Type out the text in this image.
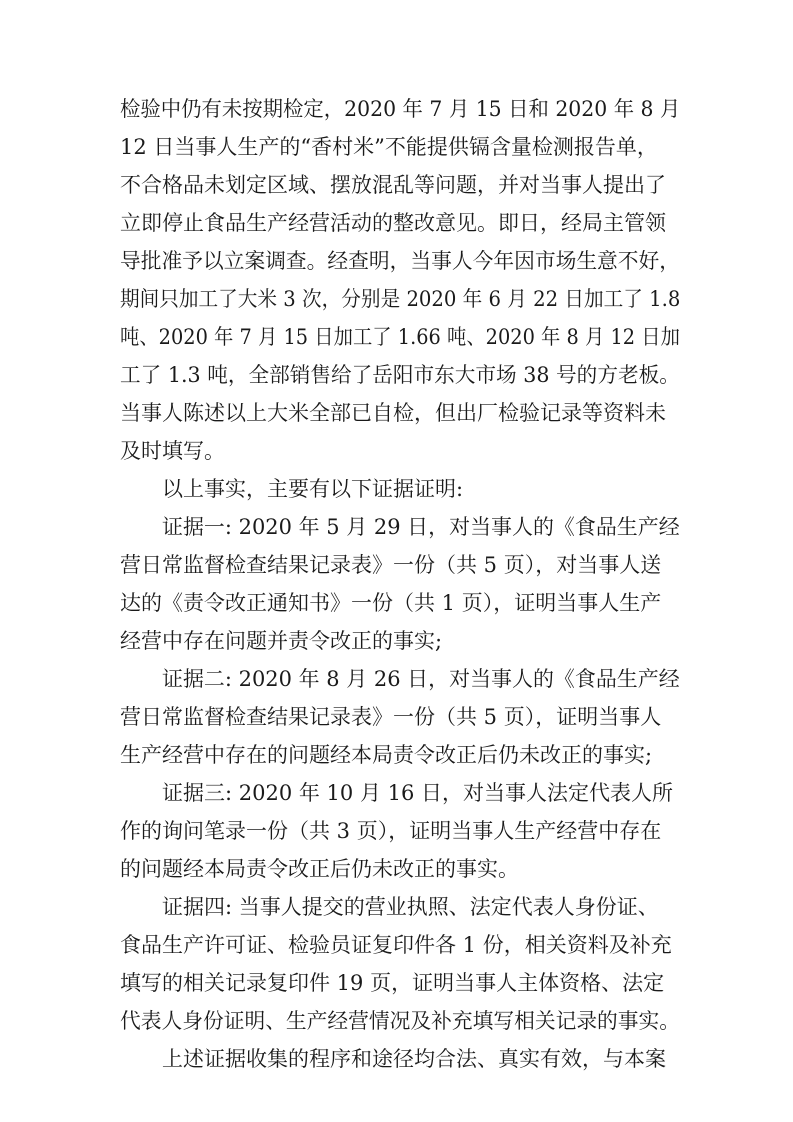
检验中仍有未按期检定，2020 年 7 月 15 日和 2020 年 8 月
12 日当事人生产的“香村米”不能提供镉含量检测报告单，
不合格品未划定区域、摆放混乱等问题，并对当事人提出了
立即停止食品生产经营活动的整改意见。即日，经局主管领
导批准予以立案调查。经查明，当事人今年因市场生意不好，
期间只加工了大米 3 次，分别是 2020 年 6 月 22 日加工了 1.8
吨、2020 年 7 月 15 日加工了 1.66 吨、2020 年 8 月 12 日加
工了 1.3 吨，全部销售给了岳阳市东大市场 38 号的方老板。
当事人陈述以上大米全部已自检，但出厂检验记录等资料未
及时填写。
以上事实，主要有以下证据证明:
证据一: 2020 年 5 月 29 日，对当事人的《食品生产经
营日常监督检查结果记录表》一份（共 5 页），对当事人送
达的《责令改正通知书》一份（共 1 页），证明当事人生产
经营中存在问题并责令改正的事实;
证据二: 2020 年 8 月 26 日，对当事人的《食品生产经
营日常监督检查结果记录表》一份（共 5 页），证明当事人
生产经营中存在的问题经本局责令改正后仍未改正的事实;
证据三: 2020 年 10 月 16 日，对当事人法定代表人所
作的询问笔录一份（共 3 页），证明当事人生产经营中存在
的问题经本局责令改正后仍未改正的事实。
证据四: 当事人提交的营业执照、法定代表人身份证、
食品生产许可证、检验员证复印件各 1 份，相关资料及补充
填写的相关记录复印件 19 页，证明当事人主体资格、法定
代表人身份证明、生产经营情况及补充填写相关记录的事实。
上述证据收集的程序和途径均合法、真实有效，与本案
